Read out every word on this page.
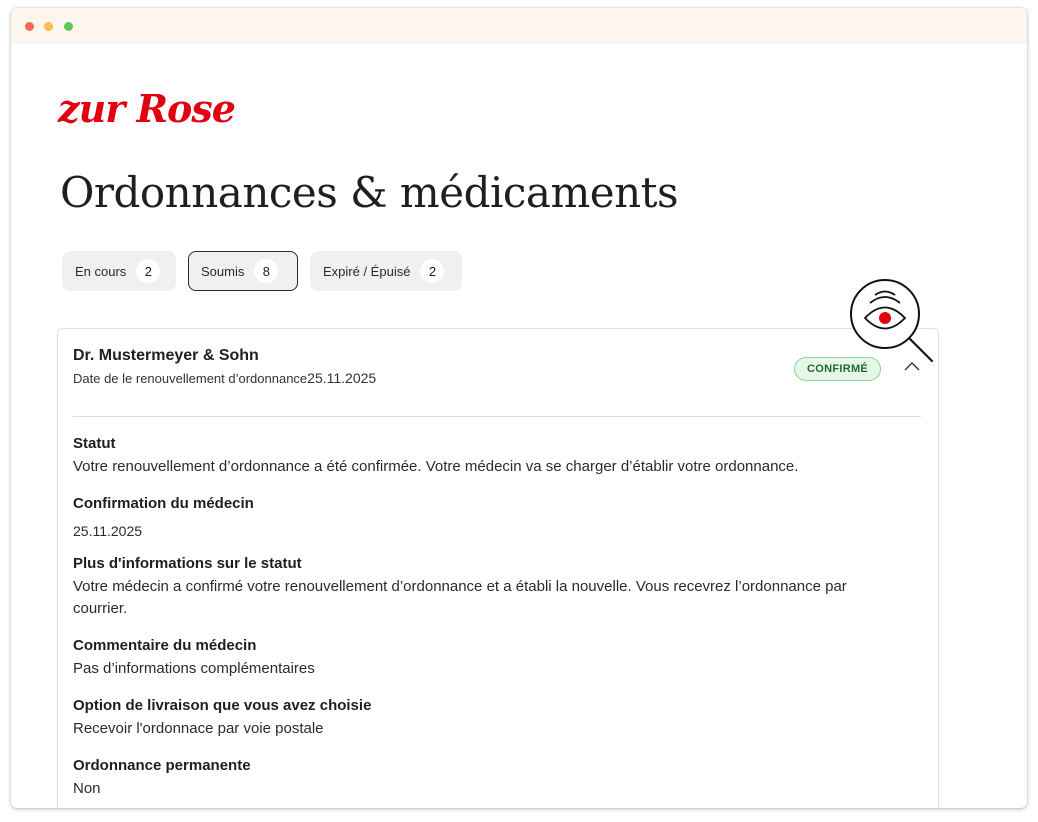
zur Rose
Ordonnances & médicaments
En cours	2	Soumis	8	Expiré / Épuisé	2
Dr. Mustermeyer & Sohn
Date de le renouvellement d’ordonnance25.11.2025
CONFIRMÉ
Statut
Votre renouvellement d’ordonnance a été confirmée. Votre médecin va se charger d’établir votre ordonnance.
Confirmation du médecin
25.11.2025
Plus d'informations sur le statut
Votre médecin a confirmé votre renouvellement d’ordonnance et a établi la nouvelle. Vous recevrez l’ordonnance par courrier.
Commentaire du médecin
Pas d’informations complémentaires
Option de livraison que vous avez choisie
Recevoir l'ordonnace par voie postale
Ordonnance permanente
Non
